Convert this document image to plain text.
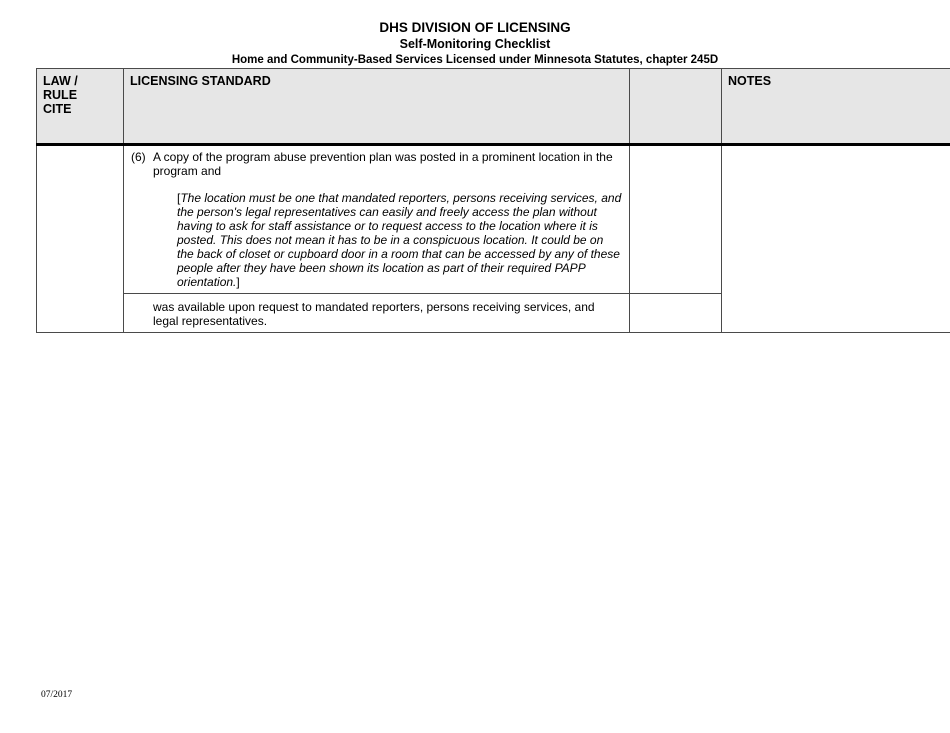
DHS DIVISION OF LICENSING
Self-Monitoring Checklist
Home and Community-Based Services Licensed under Minnesota Statutes, chapter 245D
LAW / RULE CITE	LICENSING STANDARD		NOTES

	(6) A copy of the program abuse prevention plan was posted in a prominent location in the program and
[The location must be one that mandated reporters, persons receiving services, and the person's legal representatives can easily and freely access the plan without having to ask for staff assistance or to request access to the location where it is posted. This does not mean it has to be in a conspicuous location. It could be on the back of closet or cupboard door in a room that can be accessed by any of these people after they have been shown its location as part of their required PAPP orientation.]		

	was available upon request to mandated reporters, persons receiving services, and legal representatives.		

07/2017
